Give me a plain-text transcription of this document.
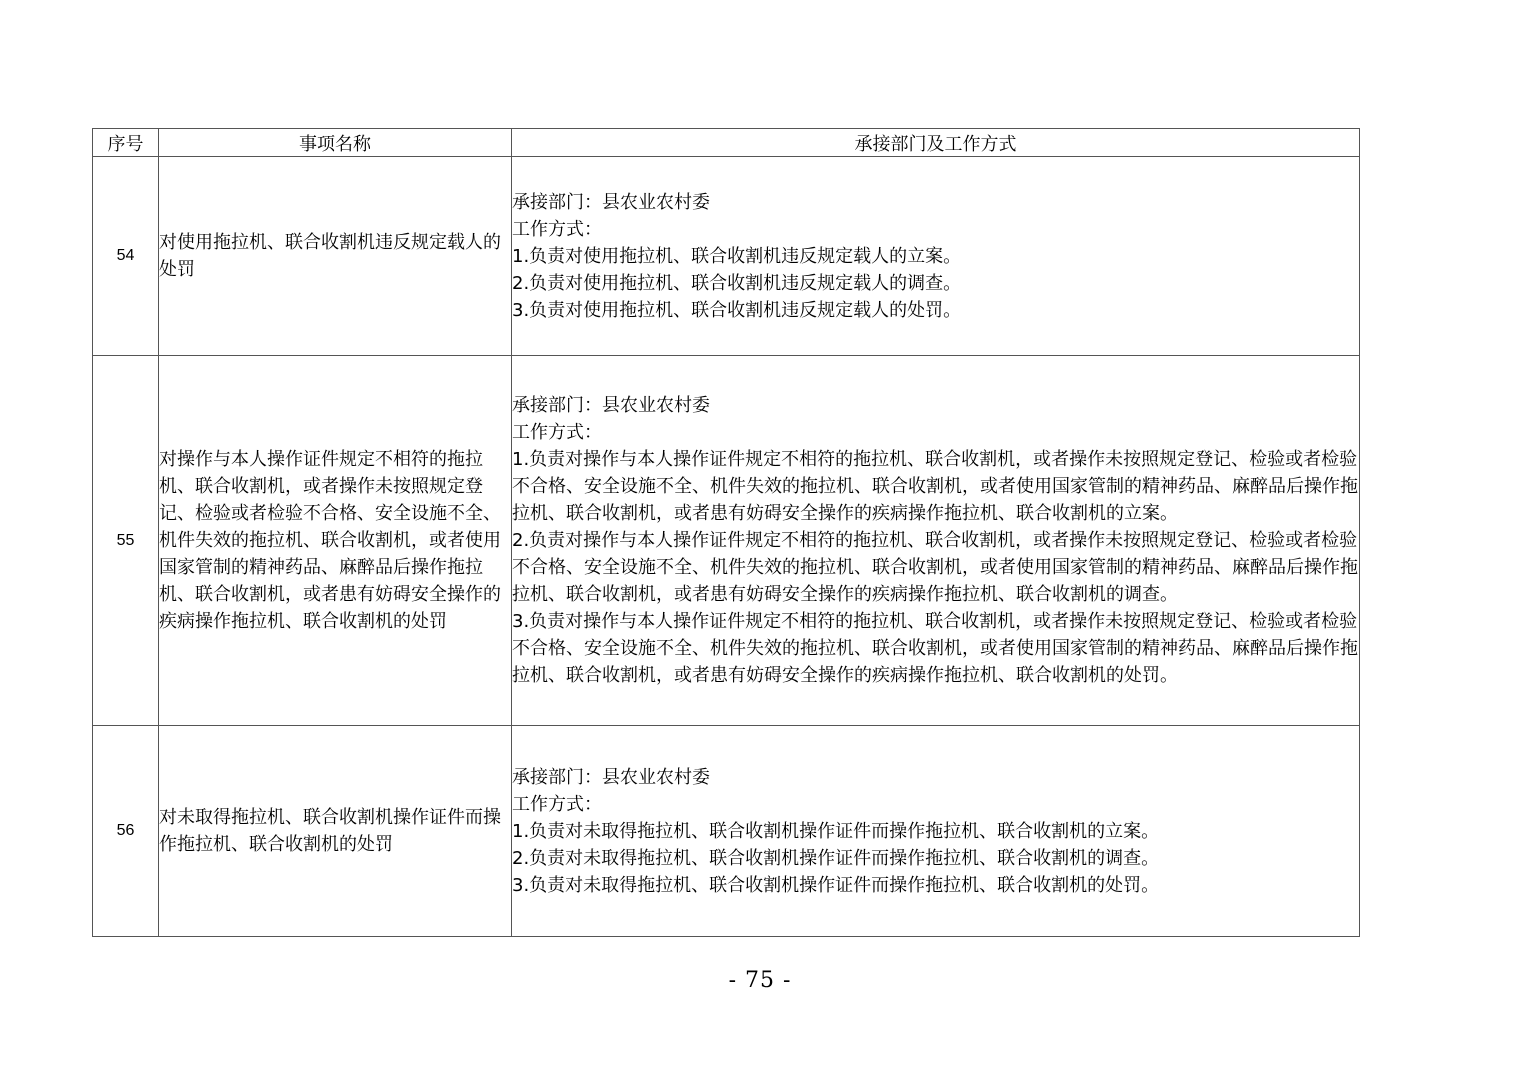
序号	事项名称	承接部门及工作方式
54	对使用拖拉机、联合收割机违反规定载人的处罚	承接部门：县农业农村委
工作方式：
1.负责对使用拖拉机、联合收割机违反规定载人的立案。
2.负责对使用拖拉机、联合收割机违反规定载人的调查。
3.负责对使用拖拉机、联合收割机违反规定载人的处罚。

55	对操作与本人操作证件规定不相符的拖拉机、联合收割机，或者操作未按照规定登记、检验或者检验不合格、安全设施不全、机件失效的拖拉机、联合收割机，或者使用国家管制的精神药品、麻醉品后操作拖拉机、联合收割机，或者患有妨碍安全操作的疾病操作拖拉机、联合收割机的处罚	承接部门：县农业农村委
工作方式：
1.负责对操作与本人操作证件规定不相符的拖拉机、联合收割机，或者操作未按照规定登记、检验或者检验不合格、安全设施不全、机件失效的拖拉机、联合收割机，或者使用国家管制的精神药品、麻醉品后操作拖拉机、联合收割机，或者患有妨碍安全操作的疾病操作拖拉机、联合收割机的立案。
2.负责对操作与本人操作证件规定不相符的拖拉机、联合收割机，或者操作未按照规定登记、检验或者检验不合格、安全设施不全、机件失效的拖拉机、联合收割机，或者使用国家管制的精神药品、麻醉品后操作拖拉机、联合收割机，或者患有妨碍安全操作的疾病操作拖拉机、联合收割机的调查。
3.负责对操作与本人操作证件规定不相符的拖拉机、联合收割机，或者操作未按照规定登记、检验或者检验不合格、安全设施不全、机件失效的拖拉机、联合收割机，或者使用国家管制的精神药品、麻醉品后操作拖拉机、联合收割机，或者患有妨碍安全操作的疾病操作拖拉机、联合收割机的处罚。

56	对未取得拖拉机、联合收割机操作证件而操作拖拉机、联合收割机的处罚	承接部门：县农业农村委
工作方式：
1.负责对未取得拖拉机、联合收割机操作证件而操作拖拉机、联合收割机的立案。
2.负责对未取得拖拉机、联合收割机操作证件而操作拖拉机、联合收割机的调查。
3.负责对未取得拖拉机、联合收割机操作证件而操作拖拉机、联合收割机的处罚。
- 75 -
